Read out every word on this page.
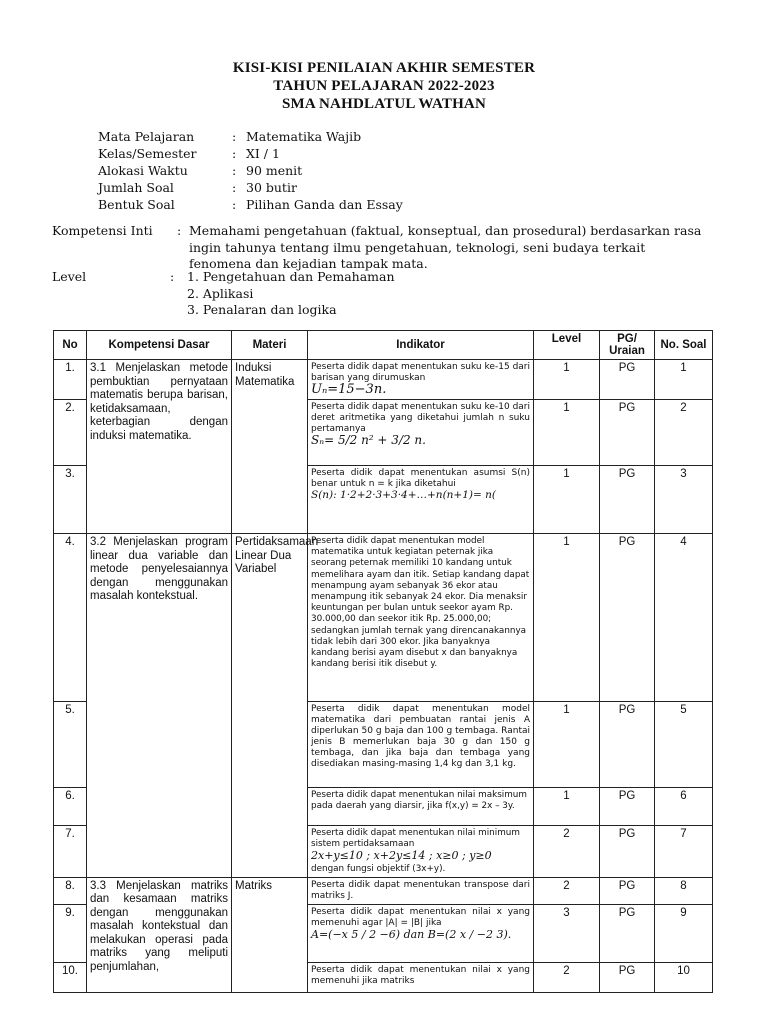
KISI-KISI PENILAIAN AKHIR SEMESTER
TAHUN PELAJARAN 2022-2023
SMA NAHDLATUL WATHAN
Mata Pelajaran	: Matematika Wajib
Kelas/Semester	: XI / 1
Alokasi Waktu	: 90 menit
Jumlah Soal	: 30 butir
Bentuk Soal	: Pilihan Ganda dan Essay
Kompetensi Inti : Memahami pengetahuan (faktual, konseptual, dan prosedural) berdasarkan rasa ingin tahunya tentang ilmu pengetahuan, teknologi, seni budaya terkait fenomena dan kejadian tampak mata.
Level	: 1. Pengetahuan dan Pemahaman
2. Aplikasi
3. Penalaran dan logika
No	Kompetensi Dasar	Materi	Indikator	Level	PG/ Uraian	No. Soal
1.	3.1 Menjelaskan metode pembuktian pernyataan matematis berupa barisan, ketidaksamaan, keterbagian dengan induksi matematika.	Induksi Matematika	Peserta didik dapat menentukan suku ke-15 dari barisan yang dirumuskan
Uₙ=15−3n.	1	PG	1
2.			Peserta didik dapat menentukan suku ke-10 dari deret aritmetika yang diketahui jumlah n suku pertamanya
Sₙ= 5/2 n² + 3/2 n.	1	PG	2
3.			Peserta didik dapat menentukan asumsi S(n) benar untuk n = k jika diketahui

S(n): 1·2+2·3+3·4+…+n(n+1)= n(	1	PG	3
4.	3.2 Menjelaskan program linear dua variable dan metode penyelesaiannya dengan menggunakan masalah kontekstual.	Pertidaksamaan Linear Dua Variabel	Peserta didik dapat menentukan model matematika untuk kegiatan peternak jika seorang peternak memiliki 10 kandang untuk memelihara ayam dan itik. Setiap kandang dapat menampung ayam sebanyak 36 ekor atau menampung itik sebanyak 24 ekor. Dia menaksir keuntungan per bulan untuk seekor ayam Rp. 30.000,00 dan seekor itik Rp. 25.000,00; sedangkan jumlah ternak yang direncanakannya tidak lebih dari 300 ekor. Jika banyaknya kandang berisi ayam disebut x dan banyaknya kandang berisi itik disebut y.	1	PG	4
5.			Peserta didik dapat menentukan model matematika dari pembuatan rantai jenis A diperlukan 50 g baja dan 100 g tembaga. Rantai jenis B memerlukan baja 30 g dan 150 g tembaga, dan jika baja dan tembaga yang disediakan masing-masing 1,4 kg dan 3,1 kg.	1	PG	5
6.			Peserta didik dapat menentukan nilai maksimum pada daerah yang diarsir, jika f(x,y) = 2x – 3y.	1	PG	6
7.			Peserta didik dapat menentukan nilai minimum sistem pertidaksamaan
2x+y≤10 ; x+2y≤14 ; x≥0 ; y≥0
dengan fungsi objektif (3x+y).	2	PG	7
8.	3.3 Menjelaskan matriks dan kesamaan matriks dengan menggunakan masalah kontekstual dan melakukan operasi pada matriks yang meliputi penjumlahan,	Matriks	Peserta didik dapat menentukan transpose dari matriks J.	2	PG	8
9.			Peserta didik dapat menentukan nilai x yang memenuhi agar |A| = |B| jika
A=(−x 5 / 2 −6) dan B=(2 x / −2 3).	3	PG	9
10.			Peserta didik dapat menentukan nilai x yang memenuhi jika matriks	2	PG	10
